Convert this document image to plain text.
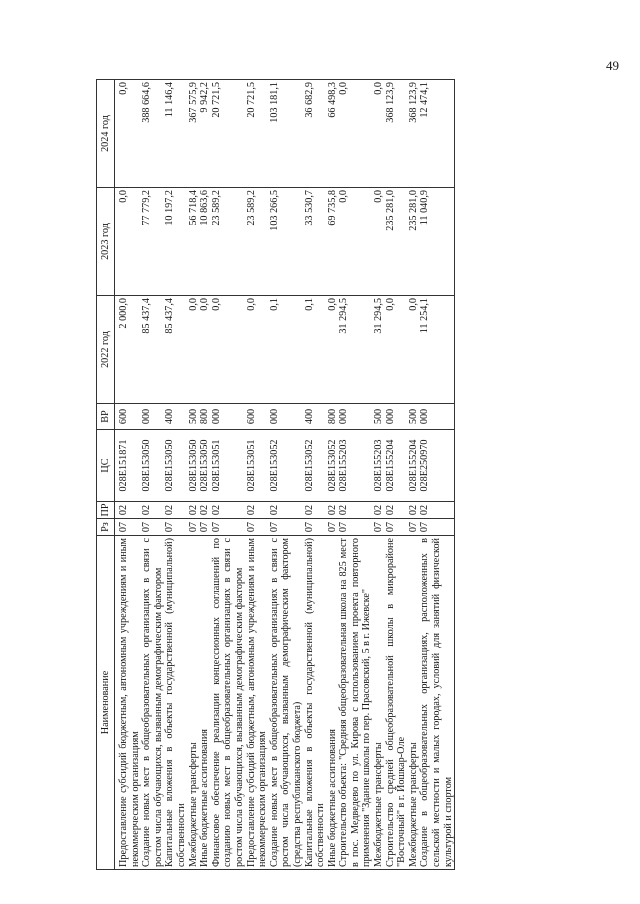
49
Наименование	Рз	ПР	ЦС	ВР	2022 год	2023 год	2024 год
Предоставление субсидий бюджетным, автономным учреждениям и иным некоммерческим организациям	07	02	028E151871	600	2 000,0	0,0	0,0
Создание новых мест в общеобразовательных организациях в связи с ростом числа обучающихся, вызванным демографическим фактором	07	02	028E153050	000	85 437,4	77 779,2	388 664,6
Капитальные вложения в объекты государственной (муниципальной) собственности	07	02	028E153050	400	85 437,4	10 197,2	11 146,4
Межбюджетные трансферты	07	02	028E153050	500	0,0	56 718,4	367 575,9
Иные бюджетные ассигнования	07	02	028E153050	800	0,0	10 863,6	9 942,2
Финансовое обеспечение реализации концессионных соглашений по созданию новых мест в общеобразовательных организациях в связи с ростом числа обучающихся, вызванным демографическим фактором	07	02	028E153051	000	0,0	23 589,2	20 721,5
Предоставление субсидий бюджетным, автономным учреждениям и иным некоммерческим организациям	07	02	028E153051	600	0,0	23 589,2	20 721,5
Создание новых мест в общеобразовательных организациях в связи с ростом числа обучающихся, вызванным демографическим фактором (средства республиканского бюджета)	07	02	028E153052	000	0,1	103 266,5	103 181,1
Капитальные вложения в объекты государственной (муниципальной) собственности	07	02	028E153052	400	0,1	33 530,7	36 682,9
Иные бюджетные ассигнования	07	02	028E153052	800	0,0	69 735,8	66 498,3
Строительство объекта: "Средняя общеобразовательная школа на 825 мест в пос. Медведево по ул. Кирова с использованием проекта повторного применения "Здание школы по пер. Прасовский, 5 в г. Ижевске"	07	02	028E155203	000	31 294,5	0,0	0,0
Межбюджетные трансферты	07	02	028E155203	500	31 294,5	0,0	0,0
Строительство средней общеобразовательной школы в микрорайоне "Восточный" в г. Йошкар-Оле	07	02	028E155204	000	0,0	235 281,0	368 123,9
Межбюджетные трансферты	07	02	028E155204	500	0,0	235 281,0	368 123,9
Создание в общеобразовательных организациях, расположенных в сельской местности и малых городах, условий для занятий физической культурой и спортом	07	02	028E250970	000	11 254,1	11 040,9	12 474,1
